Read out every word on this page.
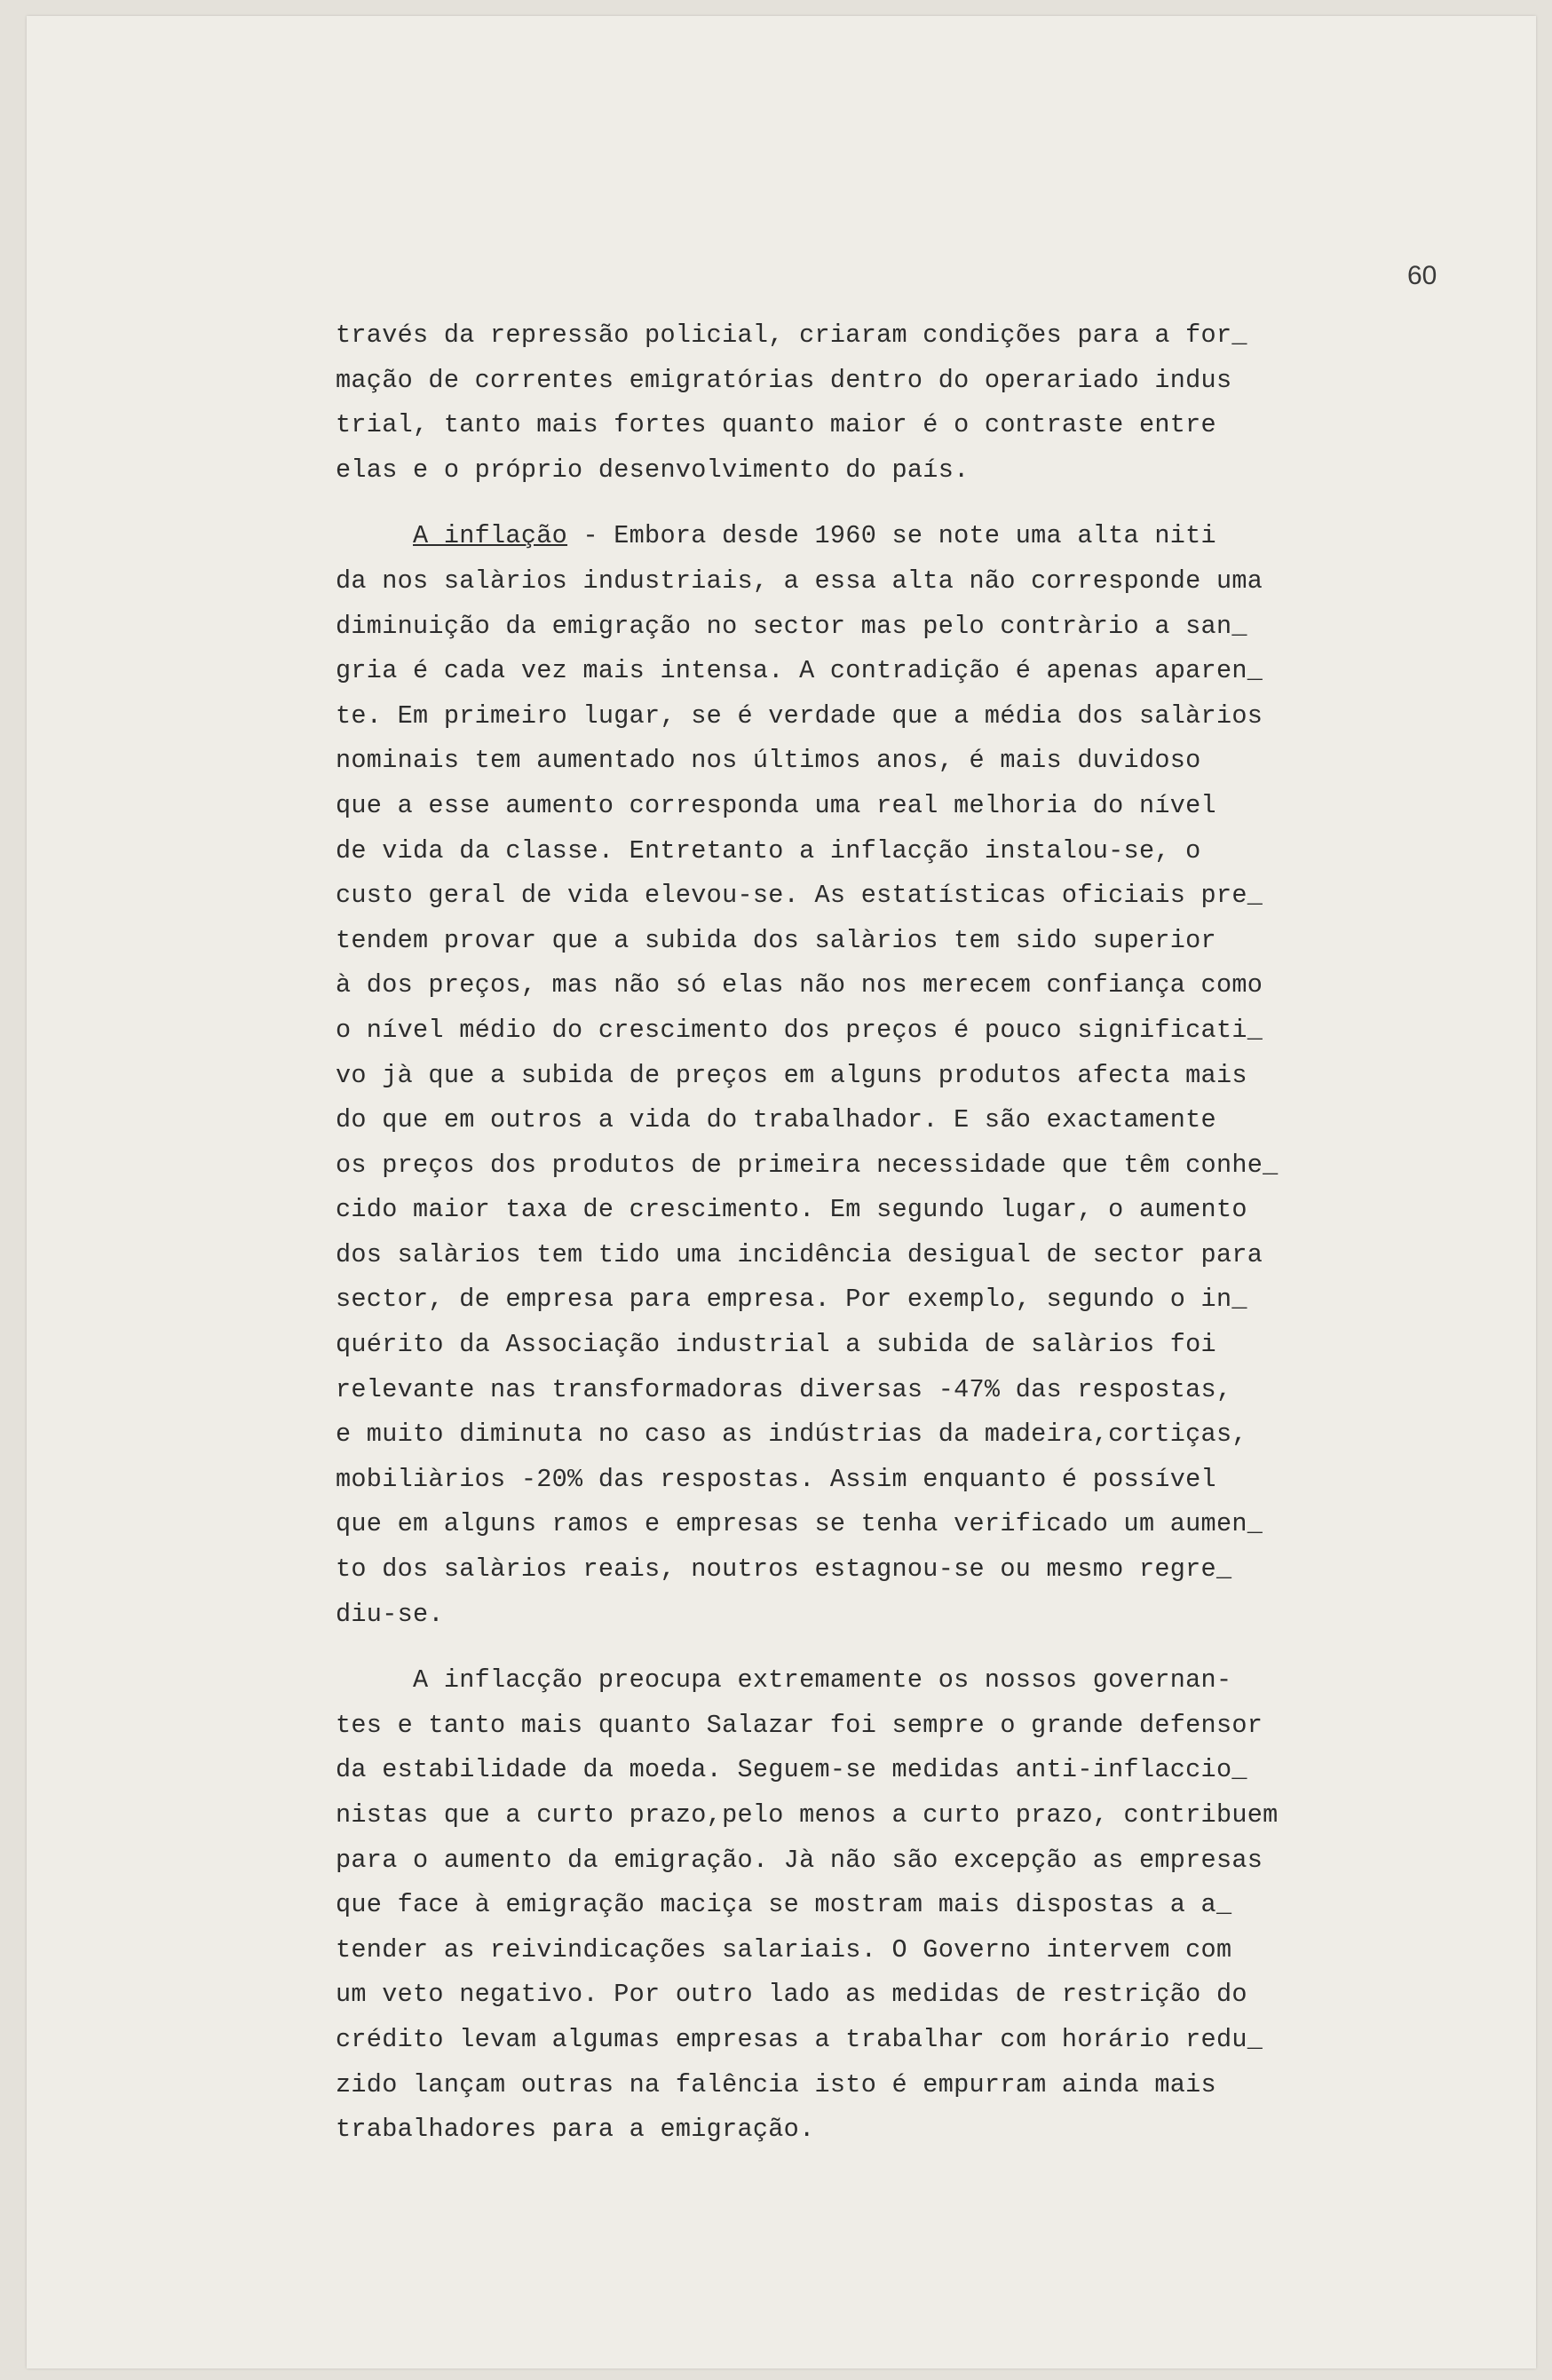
60
través da repressão policial, criaram condições para a for_
mação de correntes emigratórias dentro do operariado indus
trial, tanto mais fortes quanto maior é o contraste entre
elas e o próprio desenvolvimento do país.
A inflação - Embora desde 1960 se note uma alta niti
da nos salàrios industriais, a essa alta não corresponde uma
diminuição da emigração no sector mas pelo contràrio a san_
gria é cada vez mais intensa. A contradição é apenas aparen_
te. Em primeiro lugar, se é verdade que a média dos salàrios
nominais tem aumentado nos últimos anos, é mais duvidoso
que a esse aumento corresponda uma real melhoria do nível
de vida da classe. Entretanto a inflacção instalou-se, o
custo geral de vida elevou-se. As estatísticas oficiais pre_
tendem provar que a subida dos salàrios tem sido superior
à dos preços, mas não só elas não nos merecem confiança como
o nível médio do crescimento dos preços é pouco significati_
vo jà que a subida de preços em alguns produtos afecta mais
do que em outros a vida do trabalhador. E são exactamente
os preços dos produtos de primeira necessidade que têm conhe_
cido maior taxa de crescimento. Em segundo lugar, o aumento
dos salàrios tem tido uma incidência desigual de sector para
sector, de empresa para empresa. Por exemplo, segundo o in_
quérito da Associação industrial a subida de salàrios foi
relevante nas transformadoras diversas -47% das respostas,
e muito diminuta no caso as indústrias da madeira,cortiças,
mobiliàrios -20% das respostas. Assim enquanto é possível
que em alguns ramos e empresas se tenha verificado um aumen_
to dos salàrios reais, noutros estagnou-se ou mesmo regre_
diu-se.
A inflacção preocupa extremamente os nossos governan-
tes e tanto mais quanto Salazar foi sempre o grande defensor
da estabilidade da moeda. Seguem-se medidas anti-inflaccio_
nistas que a curto prazo,pelo menos a curto prazo, contribuem
para o aumento da emigração. Jà não são excepção as empresas
que face à emigração maciça se mostram mais dispostas a a_
tender as reivindicações salariais. O Governo intervem com
um veto negativo. Por outro lado as medidas de restrição do
crédito levam algumas empresas a trabalhar com horário redu_
zido lançam outras na falência isto é empurram ainda mais
trabalhadores para a emigração.
